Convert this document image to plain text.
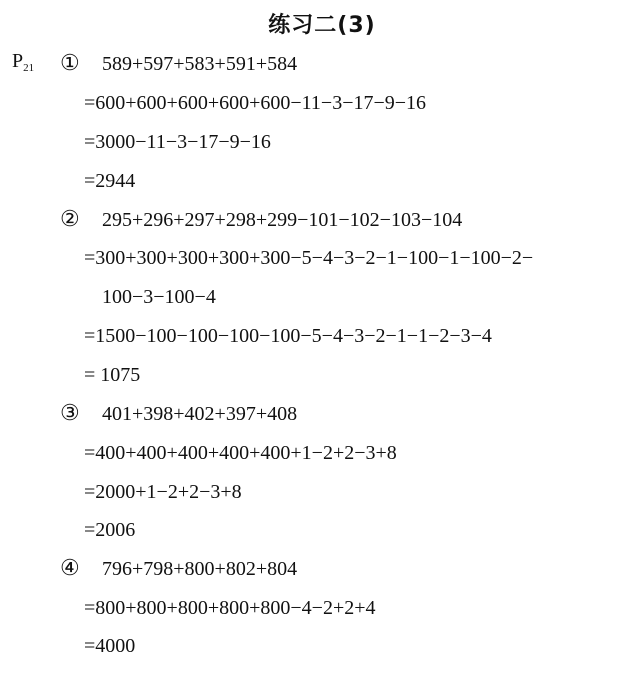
练习二(3)
$P_{21}$ ① 589+597+583+591+584
=600+600+600+600+600−11−3−17−9−16
=3000−11−3−17−9−16
=2944
② 295+296+297+298+299−101−102−103−104
=300+300+300+300+300−5−4−3−2−1−100−1−100−2−
100−3−100−4
=1500−100−100−100−100−5−4−3−2−1−1−2−3−4
= 1075
③ 401+398+402+397+408
=400+400+400+400+400+1−2+2−3+8
=2000+1−2+2−3+8
=2006
④ 796+798+800+802+804
=800+800+800+800+800−4−2+2+4
=4000
